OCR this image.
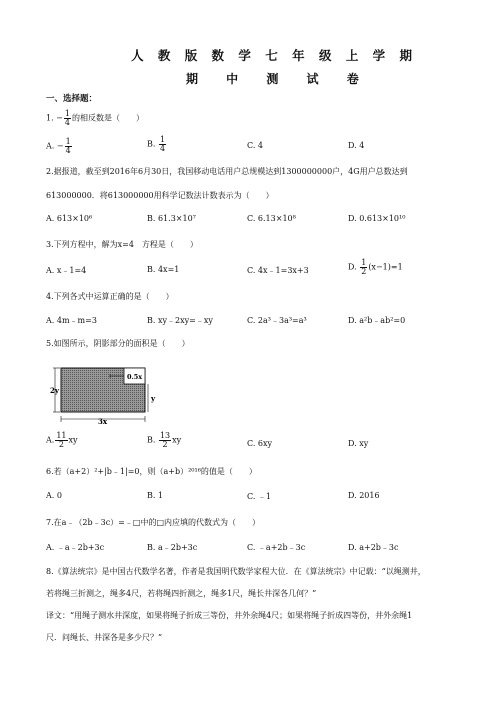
人 教 版 数 学 七 年 级 上 学 期
期 中 测 试 卷
一、选择题：
1. − $\frac{1}{4}$ 的相反数是（　　）
A. − $\frac{1}{4}$	B. $\frac{1}{4}$	C. 4	D. 4
2.据报道，截至到2016年6月30日，我国移动电话用户总规模达到1300000000户，4G用户总数达到
613000000．将613000000用科学记数法计数表示为（　　）
A. 613×10⁶	B. 61.3×10⁷	C. 6.13×10⁸	D. 0.613×10¹⁰
3.下列方程中，解为x=4　方程是（　　）
A. x﹣1=4	B. 4x=1	C. 4x﹣1=3x+3	D. $\frac{1}{2} (x-1)=1$
4.下列各式中运算正确的是（　　）
A. 4m﹣m=3	B. xy﹣2xy=﹣xy	C. 2a³﹣3a³=a³	D. a²b﹣ab²=0
5.如图所示，阴影部分的面积是（　　）
2y
0.5x
y
3x
A. $\frac{11}{2}$ xy	B. $\frac{13}{2}$ xy	C. 6xy	D. xy
6.若（a+2）²+|b﹣1|=0，则（a+b）²⁰¹⁶的值是（　　）
A. 0	B. 1	C. ﹣1	D. 2016
7.在a﹣（2b﹣3c）=﹣□中的□内应填的代数式为（　　）
A. ﹣a﹣2b+3c	B. a﹣2b+3c	C. ﹣a+2b﹣3c	D. a+2b﹣3c
8.《算法统宗》是中国古代数学名著，作者是我国明代数学家程大位．在《算法统宗》中记载：“以绳测井，
若将绳三折测之，绳多4尺，若将绳四折测之，绳多1尺，绳长井深各几何？”
译文：“用绳子测水井深度，如果将绳子折成三等份，井外余绳4尺；如果将绳子折成四等份，井外余绳1
尺．问绳长、井深各是多少尺？”
